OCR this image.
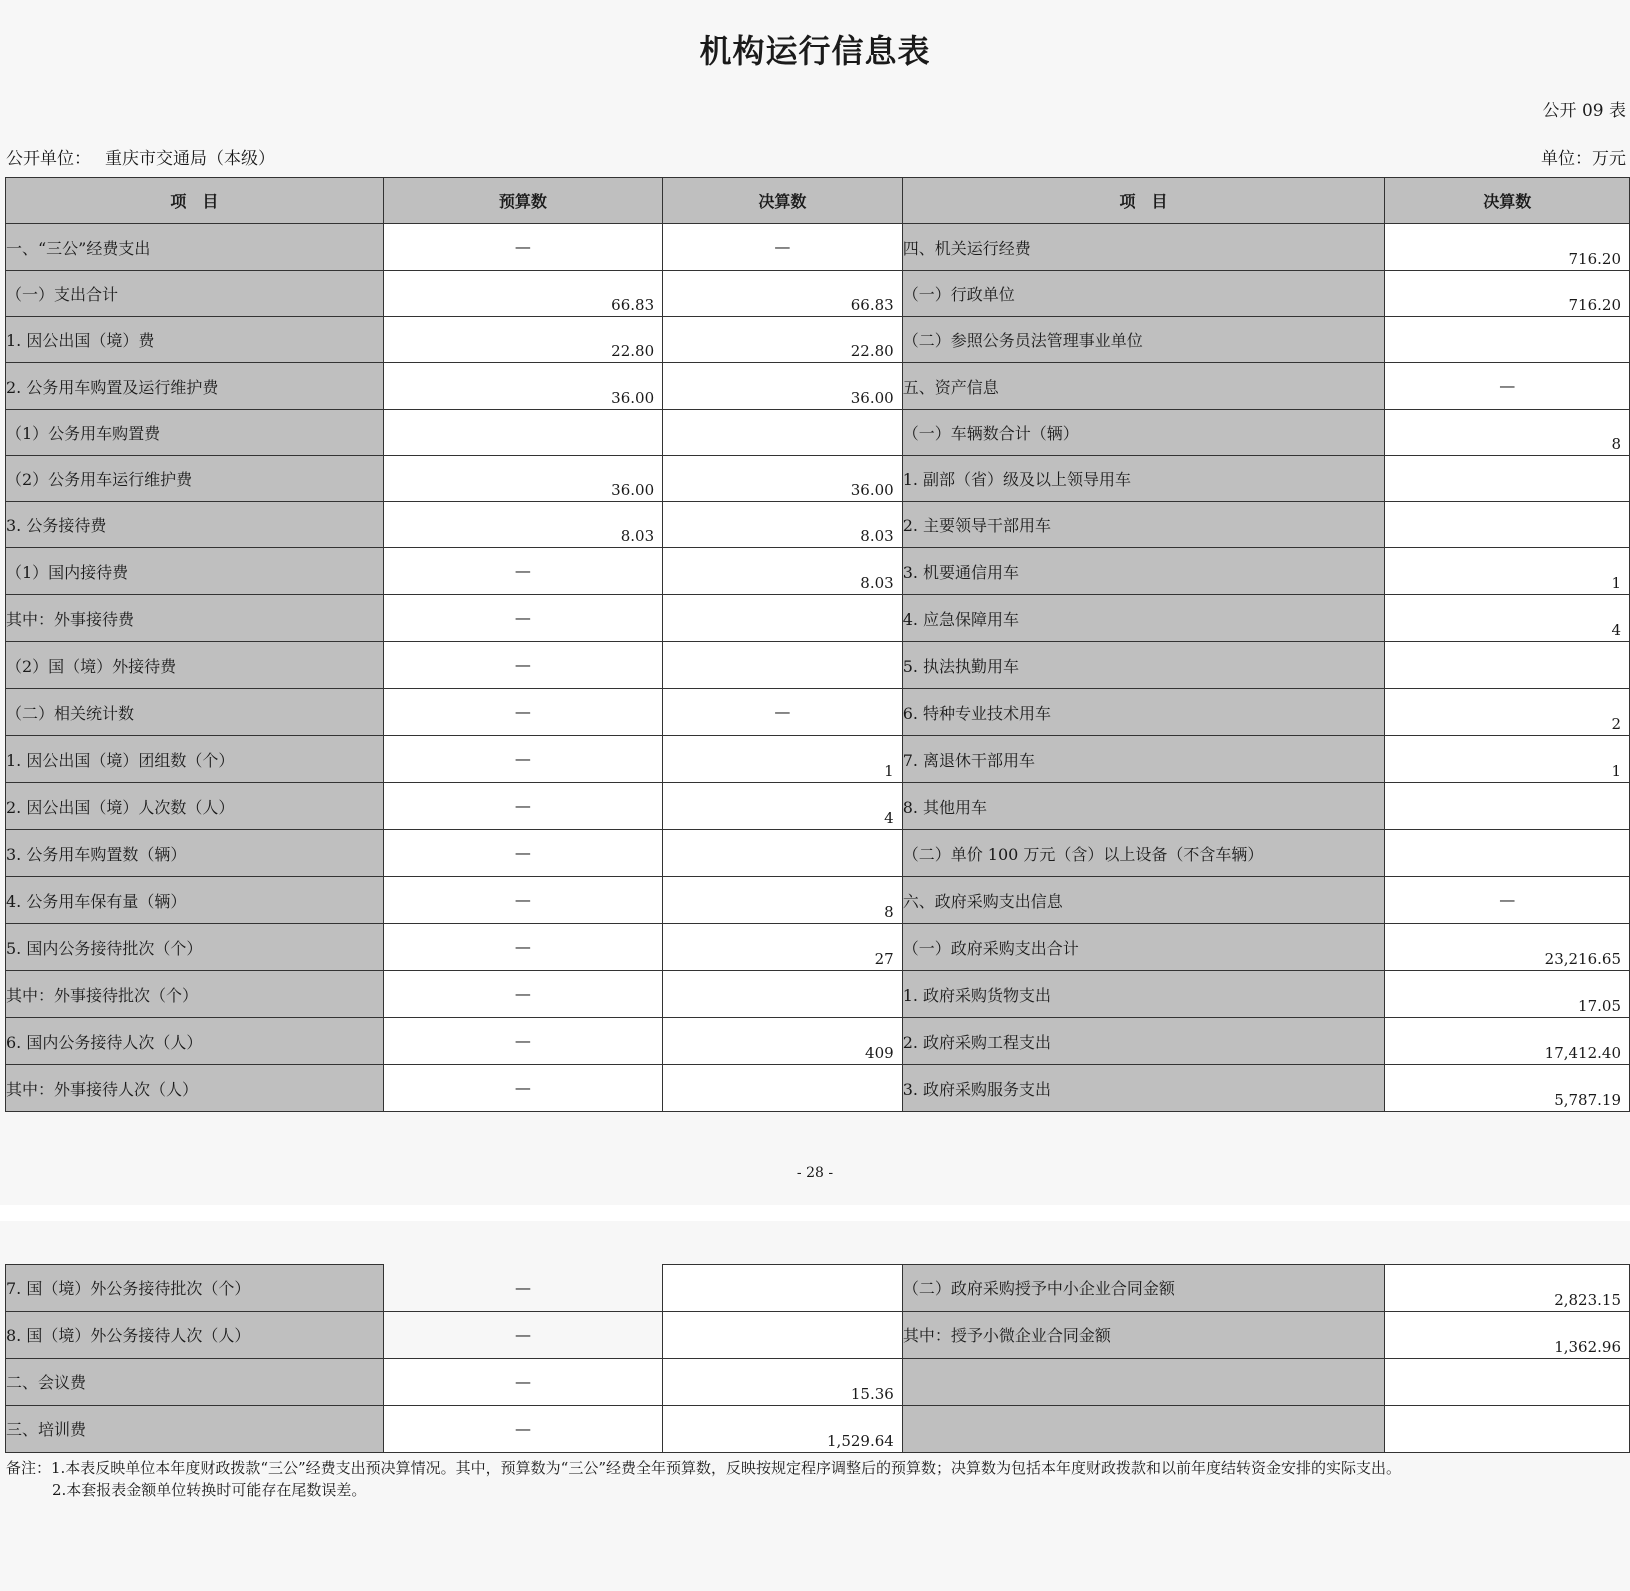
机构运行信息表
公开 09 表
公开单位： 重庆市交通局（本级）	单位：万元
项　目	预算数	决算数	项　目	决算数
一、“三公”经费支出	—	—	四、机关运行经费	716.20

（一）支出合计	66.83	66.83	（一）行政单位	716.20

1. 因公出国（境）费	22.80	22.80	（二）参照公务员法管理事业单位	

2. 公务用车购置及运行维护费	36.00	36.00	五、资产信息	—

（1）公务用车购置费			（一）车辆数合计（辆）	8

（2）公务用车运行维护费	36.00	36.00	1. 副部（省）级及以上领导用车	

3. 公务接待费	8.03	8.03	2. 主要领导干部用车	

（1）国内接待费	—	8.03	3. 机要通信用车	1

其中：外事接待费	—		4. 应急保障用车	4

（2）国（境）外接待费	—		5. 执法执勤用车	

（二）相关统计数	—	—	6. 特种专业技术用车	2

1. 因公出国（境）团组数（个）	—	1	7. 离退休干部用车	1

2. 因公出国（境）人次数（人）	—	4	8. 其他用车	

3. 公务用车购置数（辆）	—		（二）单价 100 万元（含）以上设备（不含车辆）	

4. 公务用车保有量（辆）	—	8	六、政府采购支出信息	—

5. 国内公务接待批次（个）	—	27	（一）政府采购支出合计	23,216.65

其中：外事接待批次（个）	—		1. 政府采购货物支出	17.05

6. 国内公务接待人次（人）	—	409	2. 政府采购工程支出	17,412.40

其中：外事接待人次（人）	—		3. 政府采购服务支出	5,787.19
- 28 -
7. 国（境）外公务接待批次（个）	—		（二）政府采购授予中小企业合同金额	2,823.15

8. 国（境）外公务接待人次（人）	—		其中：授予小微企业合同金额	1,362.96

二、会议费	—	15.36		

三、培训费	—	1,529.64		

备注：1.本表反映单位本年度财政拨款“三公”经费支出预决算情况。其中，预算数为“三公”经费全年预算数，反映按规定程序调整后的预算数；决算数为包括本年度财政拨款和以前年度结转资金安排的实际支出。
2.本套报表金额单位转换时可能存在尾数误差。
